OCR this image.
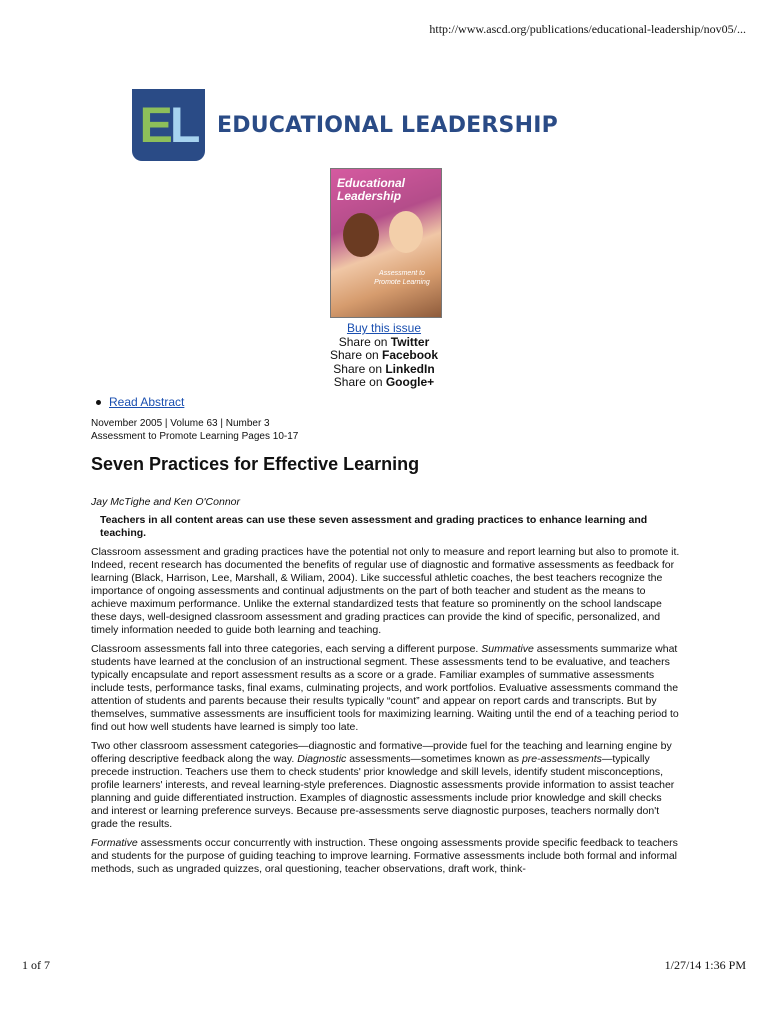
http://www.ascd.org/publications/educational-leadership/nov05/...
EL EDUCATIONAL LEADERSHIP
Educational Leadership
Assessment to Promote Learning
Buy this issue
Share on Twitter
Share on Facebook
Share on LinkedIn
Share on Google+
Read Abstract
November 2005 | Volume 63 | Number 3
Assessment to Promote Learning Pages 10-17
Seven Practices for Effective Learning
Jay McTighe and Ken O'Connor
Teachers in all content areas can use these seven assessment and grading practices to enhance learning and teaching.

Classroom assessment and grading practices have the potential not only to measure and report learning but also to promote it. Indeed, recent research has documented the benefits of regular use of diagnostic and formative assessments as feedback for learning (Black, Harrison, Lee, Marshall, & Wiliam, 2004). Like successful athletic coaches, the best teachers recognize the importance of ongoing assessments and continual adjustments on the part of both teacher and student as the means to achieve maximum performance. Unlike the external standardized tests that feature so prominently on the school landscape these days, well-designed classroom assessment and grading practices can provide the kind of specific, personalized, and timely information needed to guide both learning and teaching.

Classroom assessments fall into three categories, each serving a different purpose. Summative assessments summarize what students have learned at the conclusion of an instructional segment. These assessments tend to be evaluative, and teachers typically encapsulate and report assessment results as a score or a grade. Familiar examples of summative assessments include tests, performance tasks, final exams, culminating projects, and work portfolios. Evaluative assessments command the attention of students and parents because their results typically “count” and appear on report cards and transcripts. But by themselves, summative assessments are insufficient tools for maximizing learning. Waiting until the end of a teaching period to find out how well students have learned is simply too late.

Two other classroom assessment categories—diagnostic and formative—provide fuel for the teaching and learning engine by offering descriptive feedback along the way. Diagnostic assessments—sometimes known as pre-assessments—typically precede instruction. Teachers use them to check students' prior knowledge and skill levels, identify student misconceptions, profile learners' interests, and reveal learning-style preferences. Diagnostic assessments provide information to assist teacher planning and guide differentiated instruction. Examples of diagnostic assessments include prior knowledge and skill checks and interest or learning preference surveys. Because pre-assessments serve diagnostic purposes, teachers normally don't grade the results.

Formative assessments occur concurrently with instruction. These ongoing assessments provide specific feedback to teachers and students for the purpose of guiding teaching to improve learning. Formative assessments include both formal and informal methods, such as ungraded quizzes, oral questioning, teacher observations, draft work, think-

1 of 7	1/27/14 1:36 PM
